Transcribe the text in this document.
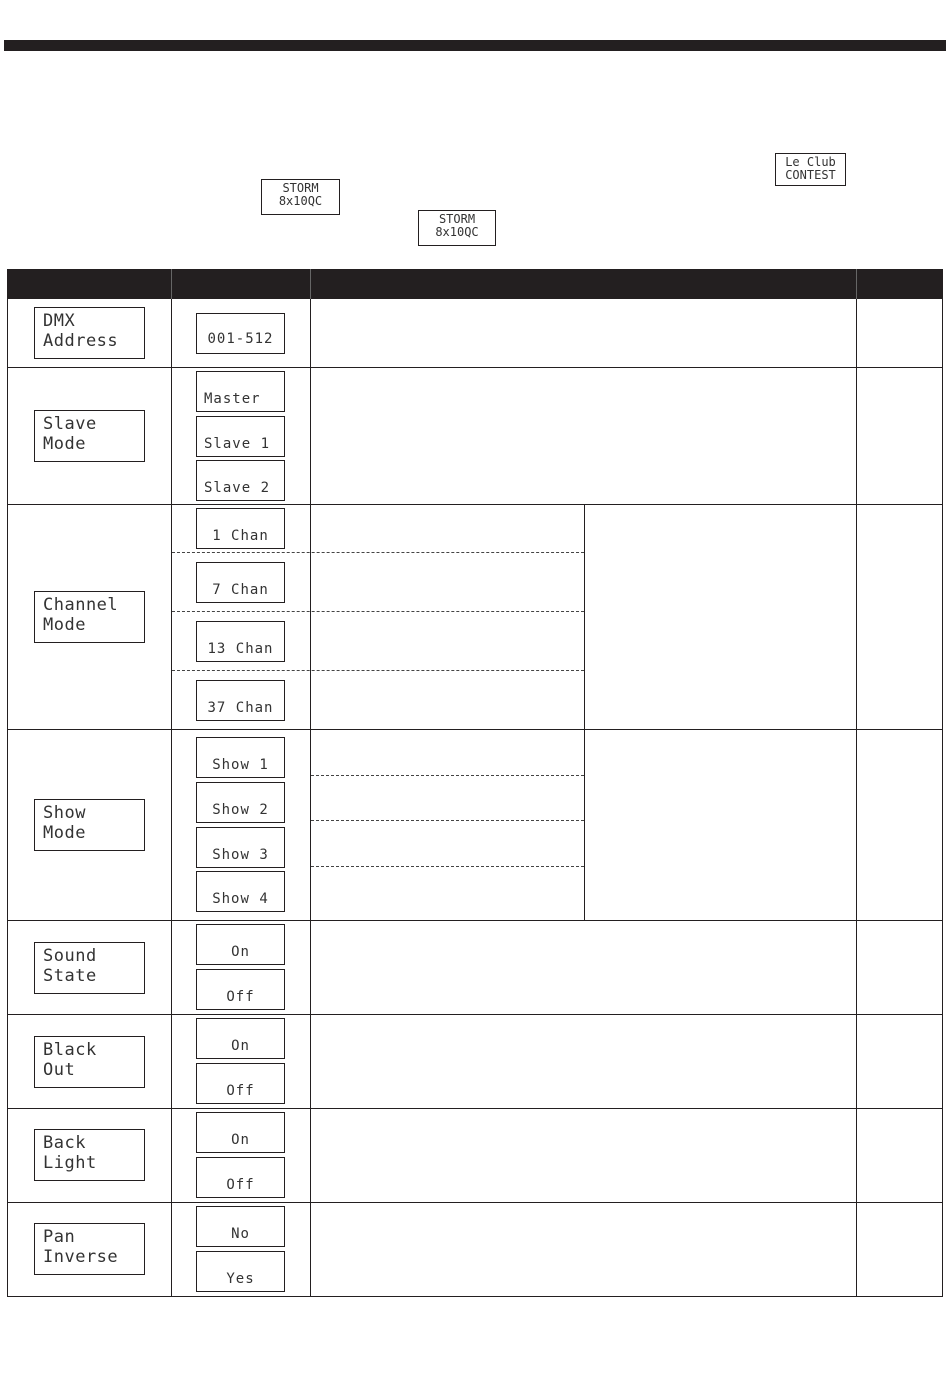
Le Club
CONTEST
STORM
8x10QC
STORM
8x10QC
DMX
Address	001-512
Slave
Mode
Master
Slave 1
Slave 2
Channel
Mode
1 Chan
7 Chan
13 Chan
37 Chan
Show
Mode
Show 1
Show 2
Show 3
Show 4
Sound
State
On
Off
Black
Out
On
Off
Back
Light
On
Off
Pan
Inverse
No
Yes
